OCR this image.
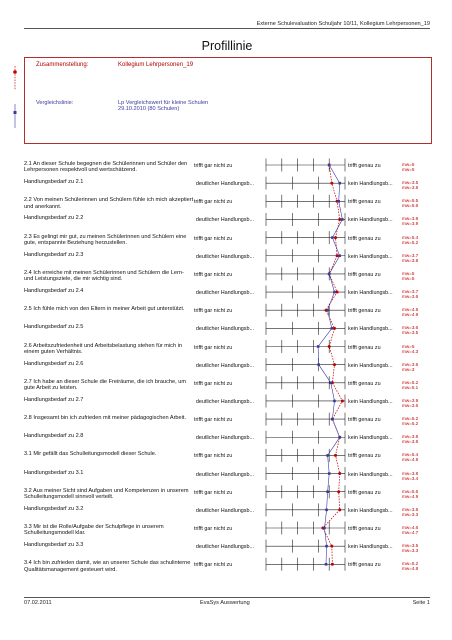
Externe Schulevaluation Schuljahr 10/11, Kollegium Lehrpersonen_19
Profillinie
Zusammenstellung:	Kollegium Lehrpersonen_19
Vergleichslinie:	Lp Vergleichswert für kleine Schulen
29.10.2010 (80 Schulen)
2.1 An dieser Schule begegnen die Schülerinnen und Schüler den Lehrpersonen respektvoll und wertschätzend.
trifft gar nicht zu	trifft genau zu	mw=5
mw=5
Handlungsbedarf zu 2.1	deutlicher Handlungsb...	kein Handlungsb...	mw=3.5
mw=3.8
2.2 Von meinen Schülerinnen und Schülern fühle ich mich akzeptiert und anerkannt.
trifft gar nicht zu	trifft genau zu	mw=5.5
mw=5.6
Handlungsbedarf zu 2.2	deutlicher Handlungsb...	kein Handlungsb...	mw=3.8
mw=3.9
2.3 Es gelingt mir gut, zu meinen Schülerinnen und Schülern eine gute, entspannte Beziehung herzustellen.
trifft gar nicht zu	trifft genau zu	mw=5.4
mw=5.2
Handlungsbedarf zu 2.3	deutlicher Handlungsb...	kein Handlungsb...	mw=3.7
mw=3.8
2.4 Ich erreiche mit meinen Schülerinnen und Schülern die Lern- und Leistungsziele, die mir wichtig sind.
trifft gar nicht zu	trifft genau zu	mw=5
mw=5
Handlungsbedarf zu 2.4	deutlicher Handlungsb...	kein Handlungsb...	mw=3.7
mw=3.6
2.5 Ich fühle mich von den Eltern in meiner Arbeit gut unterstützt.	trifft gar nicht zu	trifft genau zu	mw=4.8
mw=4.9
Handlungsbedarf zu 2.5	deutlicher Handlungsb...	kein Handlungsb...	mw=3.6
mw=3.5
2.6 Arbeitszufriedenheit und Arbeitsbelastung stehen für mich in einem guten Verhältnis.
trifft gar nicht zu	trifft genau zu	mw=5
mw=4.3
Handlungsbedarf zu 2.6	deutlicher Handlungsb...	kein Handlungsb...	mw=3.6
mw=3
2.7 Ich habe an dieser Schule die Freiräume, die ich brauche, um gute Arbeit zu leisten.
trifft gar nicht zu	trifft genau zu	mw=5.2
mw=5.1
Handlungsbedarf zu 2.7	deutlicher Handlungsb...	kein Handlungsb...	mw=3.9
mw=3.6
2.8 Insgesamt bin ich zufrieden mit meiner pädagogischen Arbeit.	trifft gar nicht zu	trifft genau zu	mw=5.2
mw=5.2
Handlungsbedarf zu 2.8	deutlicher Handlungsb...	kein Handlungsb...	mw=3.8
mw=3.8
3.1 Mir gefällt das Schulleitungsmodell dieser Schule.	trifft gar nicht zu	trifft genau zu	mw=5.4
mw=4.9
Handlungsbedarf zu 3.1	deutlicher Handlungsb...	kein Handlungsb...	mw=3.8
mw=3.4
3.2 Aus meiner Sicht sind Aufgaben und Kompetenzen in unserem Schulleitungsmodell sinnvoll verteilt.
trifft gar nicht zu	trifft genau zu	mw=5.6
mw=4.9
Handlungsbedarf zu 3.2	deutlicher Handlungsb...	kein Handlungsb...	mw=3.8
mw=3.3
3.3 Mir ist die Rolle/Aufgabe der Schulpflege in unserem Schulleitungsmodell klar.
trifft gar nicht zu	trifft genau zu	mw=4.6
mw=4.7
Handlungsbedarf zu 3.3	deutlicher Handlungsb...	kein Handlungsb...	mw=3.5
mw=3.3
3.4 Ich bin zufrieden damit, wie an unserer Schule das schulinterne Qualitätsmanagement gesteuert wird.
trifft gar nicht zu	trifft genau zu	mw=5.2
mw=4.8
07.02.2011	EvaSys Auswertung	Seite 1
